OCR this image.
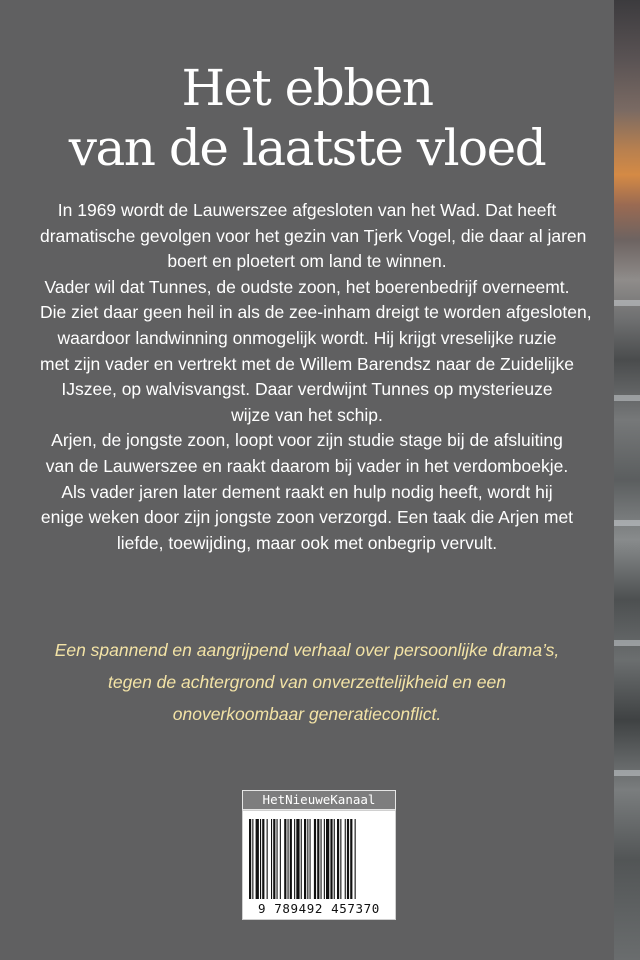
Het ebben
van de laatste vloed
In 1969 wordt de Lauwerszee afgesloten van het Wad. Dat heeft
dramatische gevolgen voor het gezin van Tjerk Vogel, die daar al jaren
boert en ploetert om land te winnen.
Vader wil dat Tunnes, de oudste zoon, het boerenbedrijf overneemt.
Die ziet daar geen heil in als de zee-inham dreigt te worden afgesloten,
waardoor landwinning onmogelijk wordt. Hij krijgt vreselijke ruzie
met zijn vader en vertrekt met de Willem Barendsz naar de Zuidelijke
IJszee, op walvisvangst. Daar verdwijnt Tunnes op mysterieuze
wijze van het schip.
Arjen, de jongste zoon, loopt voor zijn studie stage bij de afsluiting
van de Lauwerszee en raakt daarom bij vader in het verdomboekje.
Als vader jaren later dement raakt en hulp nodig heeft, wordt hij
enige weken door zijn jongste zoon verzorgd. Een taak die Arjen met
liefde, toewijding, maar ook met onbegrip vervult.
Een spannend en aangrijpend verhaal over persoonlijke drama’s,
tegen de achtergrond van onverzettelijkheid en een
onoverkoombaar generatieconflict.
HetNieuweKanaal
9 789492 457370
